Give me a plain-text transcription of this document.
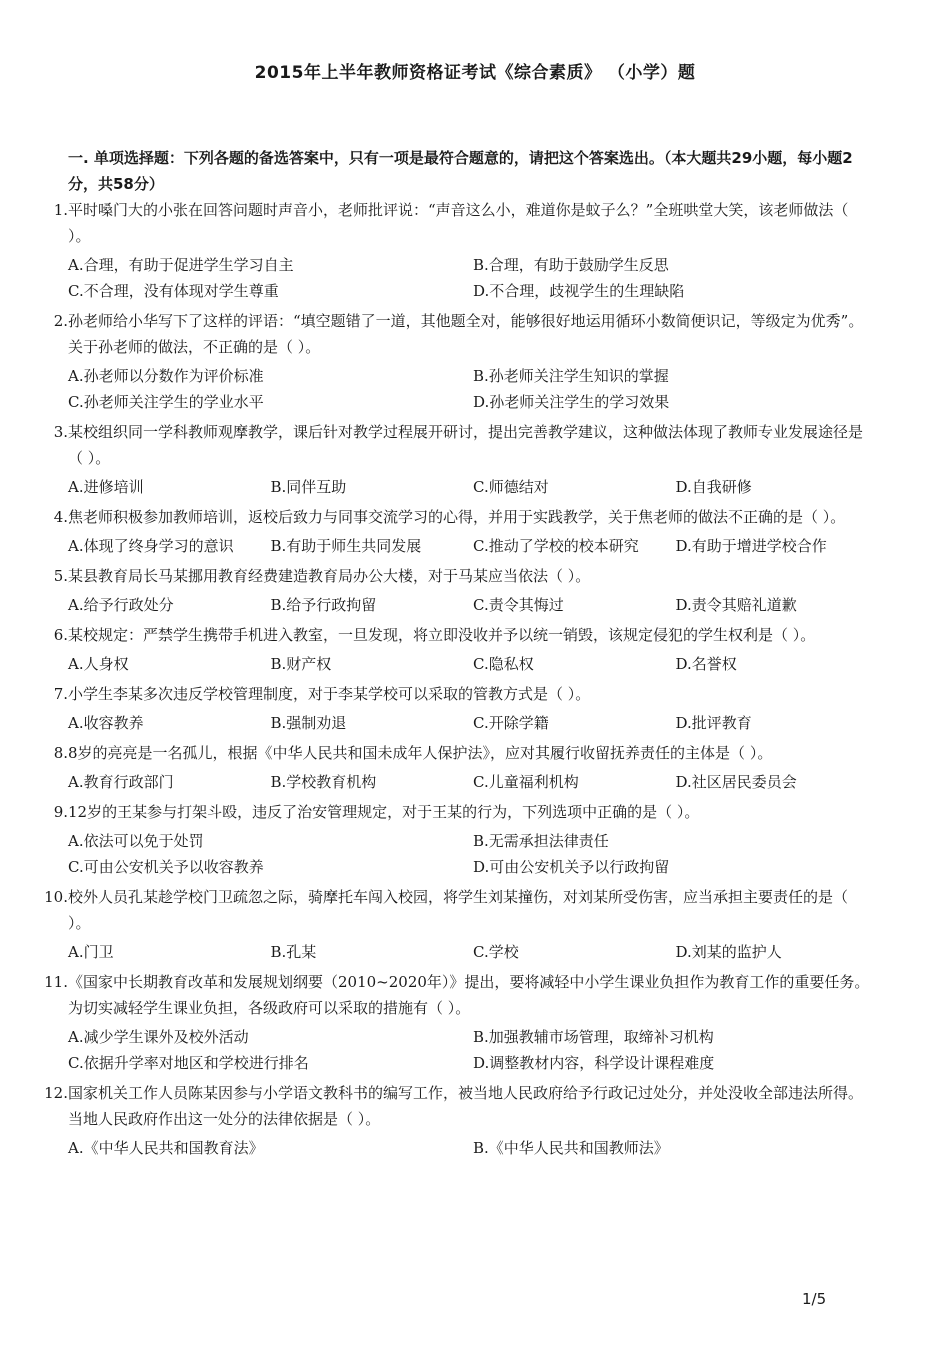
2015年上半年教师资格证考试《综合素质》 （小学）题
一. 单项选择题：下列各题的备选答案中，只有一项是最符合题意的，请把这个答案选出。（本大题共29小题，每小题2分，共58分）
1. 平时嗓门大的小张在回答问题时声音小，老师批评说：“声音这么小，难道你是蚊子么？”全班哄堂大笑，该老师做法（ ）。
A.合理，有助于促进学生学习自主	B.合理，有助于鼓励学生反思
C.不合理，没有体现对学生尊重	D.不合理，歧视学生的生理缺陷
2. 孙老师给小华写下了这样的评语：“填空题错了一道，其他题全对，能够很好地运用循环小数简便识记，等级定为优秀”。关于孙老师的做法，不正确的是（ ）。
A.孙老师以分数作为评价标准	B.孙老师关注学生知识的掌握
C.孙老师关注学生的学业水平	D.孙老师关注学生的学习效果
3. 某校组织同一学科教师观摩教学，课后针对教学过程展开研讨，提出完善教学建议，这种做法体现了教师专业发展途径是（ ）。
A.进修培训	B.同伴互助	C.师德结对	D.自我研修
4. 焦老师积极参加教师培训，返校后致力与同事交流学习的心得，并用于实践教学，关于焦老师的做法不正确的是（ ）。
A.体现了终身学习的意识	B.有助于师生共同发展	C.推动了学校的校本研究	D.有助于增进学校合作
5. 某县教育局长马某挪用教育经费建造教育局办公大楼，对于马某应当依法（ ）。
A.给予行政处分	B.给予行政拘留	C.责令其悔过	D.责令其赔礼道歉
6. 某校规定：严禁学生携带手机进入教室，一旦发现，将立即没收并予以统一销毁，该规定侵犯的学生权利是（ ）。
A.人身权	B.财产权	C.隐私权	D.名誉权
7. 小学生李某多次违反学校管理制度，对于李某学校可以采取的管教方式是（ ）。
A.收容教养	B.强制劝退	C.开除学籍	D.批评教育
8. 8岁的亮亮是一名孤儿，根据《中华人民共和国未成年人保护法》，应对其履行收留抚养责任的主体是（ ）。
A.教育行政部门	B.学校教育机构	C.儿童福利机构	D.社区居民委员会
9. 12岁的王某参与打架斗殴，违反了治安管理规定，对于王某的行为，下列选项中正确的是（ ）。
A.依法可以免于处罚	B.无需承担法律责任
C.可由公安机关予以收容教养	D.可由公安机关予以行政拘留
10. 校外人员孔某趁学校门卫疏忽之际，骑摩托车闯入校园，将学生刘某撞伤，对刘某所受伤害，应当承担主要责任的是（ ）。
A.门卫	B.孔某	C.学校	D.刘某的监护人
11. 《国家中长期教育改革和发展规划纲要（2010~2020年）》提出，要将减轻中小学生课业负担作为教育工作的重要任务。为切实减轻学生课业负担，各级政府可以采取的措施有（ ）。
A.减少学生课外及校外活动	B.加强教辅市场管理，取缔补习机构
C.依据升学率对地区和学校进行排名	D.调整教材内容，科学设计课程难度
12. 国家机关工作人员陈某因参与小学语文教科书的编写工作，被当地人民政府给予行政记过处分，并处没收全部违法所得。当地人民政府作出这一处分的法律依据是（ ）。
A.《中华人民共和国教育法》	B.《中华人民共和国教师法》
1/5
